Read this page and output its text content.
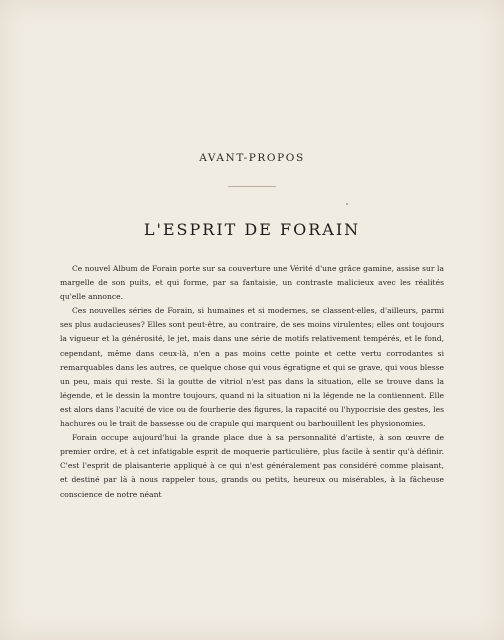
AVANT-PROPOS
L'ESPRIT DE FORAIN

Ce nouvel Album de Forain porte sur sa couverture une Vérité d'une grâce gamine, assise sur la margelle de son puits, et qui forme, par sa fantaisie, un contraste malicieux avec les réalités qu'elle annonce.

Ces nouvelles séries de Forain, si humaines et si modernes, se classent-elles, d'ailleurs, parmi ses plus audacieuses? Elles sont peut-être, au contraire, de ses moins virulentes; elles ont toujours la vigueur et la générosité, le jet, mais dans une série de motifs relativement tempérés, et le fond, cependant, même dans ceux-là, n'en a pas moins cette pointe et cette vertu corrodantes si remarquables dans les autres, ce quelque chose qui vous égratigne et qui se grave, qui vous blesse un peu, mais qui reste. Si la goutte de vitriol n'est pas dans la situation, elle se trouve dans la légende, et le dessin la montre toujours, quand ni la situation ni la légende ne la contiennent. Elle est alors dans l'acuité de vice ou de fourberie des figures, la rapacité ou l'hypocrisie des gestes, les hachures ou le trait de bassesse ou de crapule qui marquent ou barbouillent les physionomies.

Forain occupe aujourd'hui la grande place due à sa personnalité d'artiste, à son œuvre de premier ordre, et à cet infatigable esprit de moquerie particulière, plus facile à sentir qu'à définir. C'est l'esprit de plaisanterie appliqué à ce qui n'est généralement pas considéré comme plaisant, et destiné par là à nous rappeler tous, grands ou petits, heureux ou misérables, à la fâcheuse conscience de notre néant
